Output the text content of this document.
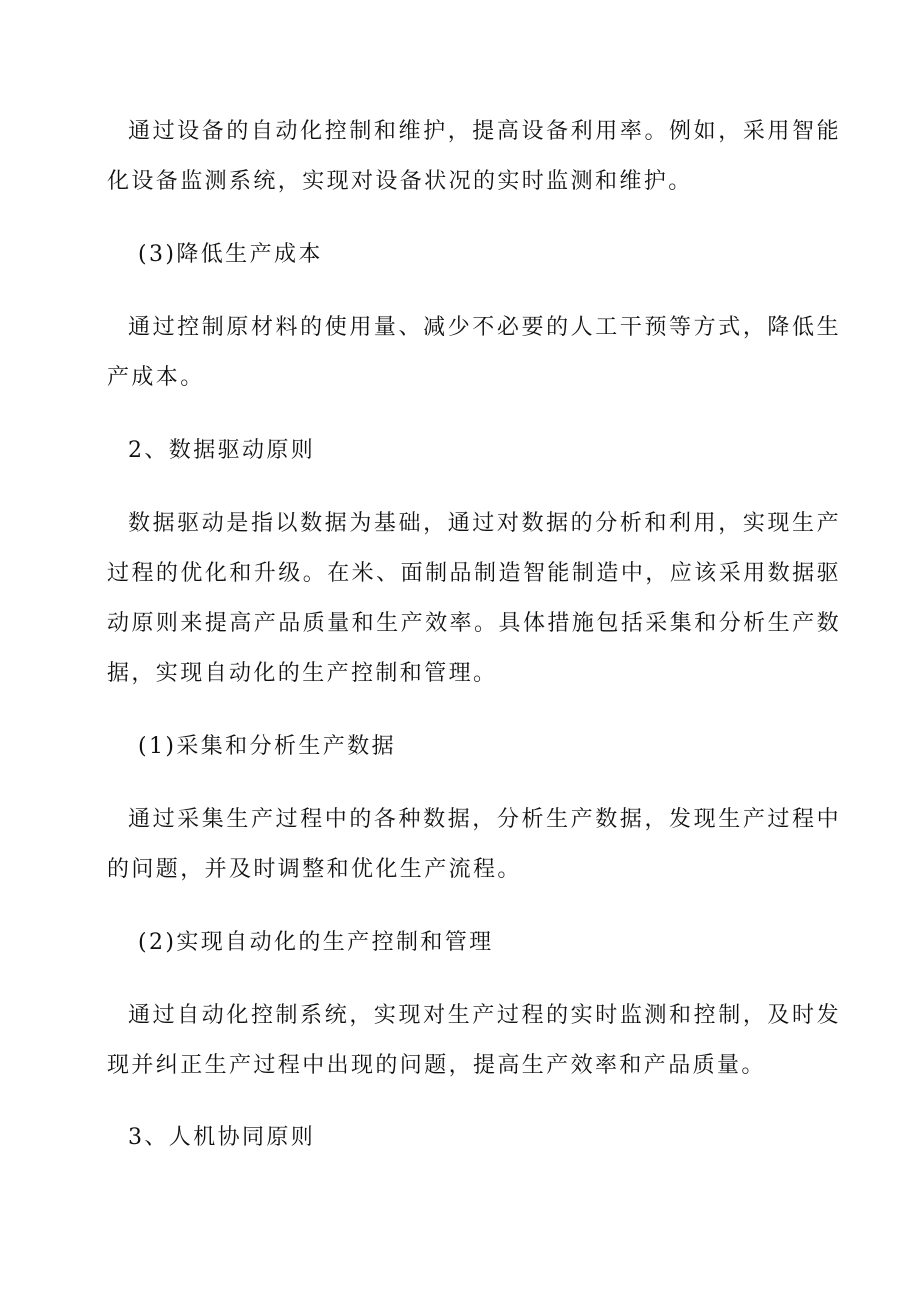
通过设备的自动化控制和维护，提高设备利用率。例如，采用智能化设备监测系统，实现对设备状况的实时监测和维护。

(3)降低生产成本

通过控制原材料的使用量、减少不必要的人工干预等方式，降低生产成本。

2、数据驱动原则

数据驱动是指以数据为基础，通过对数据的分析和利用，实现生产过程的优化和升级。在米、面制品制造智能制造中，应该采用数据驱动原则来提高产品质量和生产效率。具体措施包括采集和分析生产数据，实现自动化的生产控制和管理。

(1)采集和分析生产数据

通过采集生产过程中的各种数据，分析生产数据，发现生产过程中的问题，并及时调整和优化生产流程。

(2)实现自动化的生产控制和管理

通过自动化控制系统，实现对生产过程的实时监测和控制，及时发现并纠正生产过程中出现的问题，提高生产效率和产品质量。

3、人机协同原则
